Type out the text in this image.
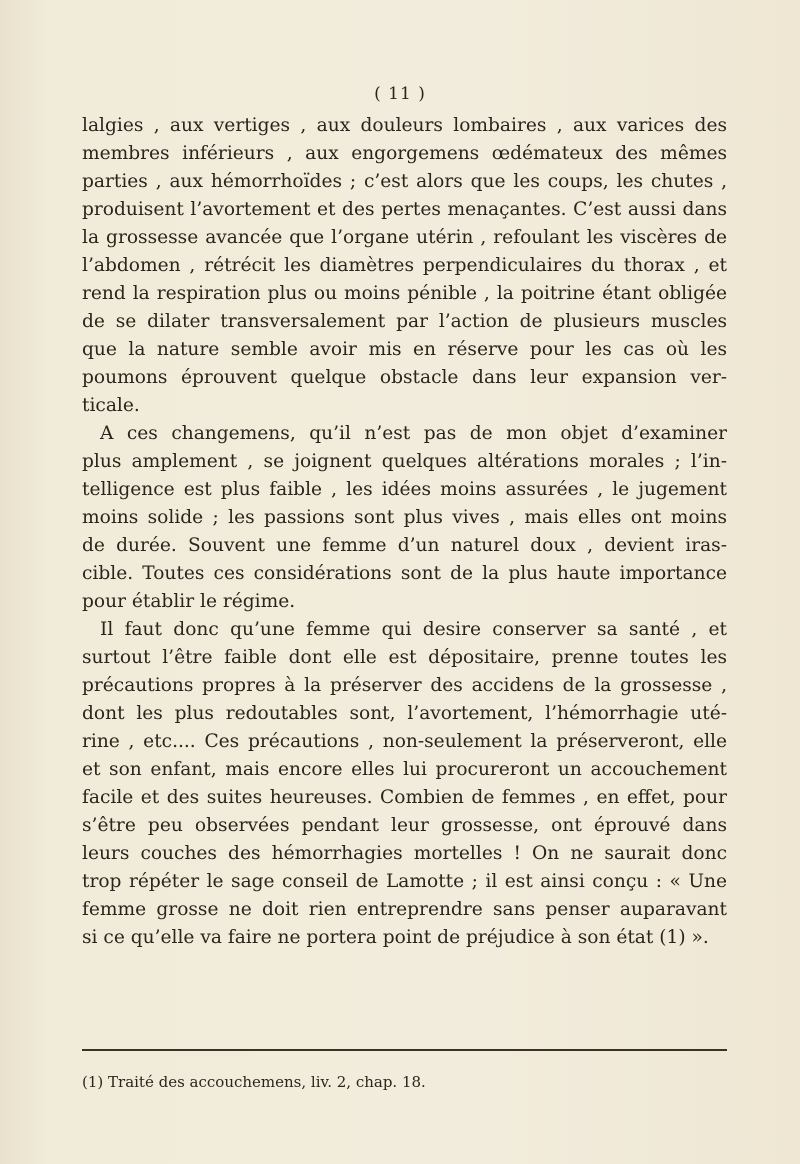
( 11 )
lalgies , aux vertiges , aux douleurs lombaires , aux varices des
membres inférieurs , aux engorgemens œdémateux des mêmes
parties , aux hémorrhoïdes ; c’est alors que les coups, les chutes ,
produisent l’avortement et des pertes menaçantes. C’est aussi dans
la grossesse avancée que l’organe utérin , refoulant les viscères de
l’abdomen , rétrécit les diamètres perpendiculaires du thorax , et
rend la respiration plus ou moins pénible , la poitrine étant obligée
de se dilater transversalement par l’action de plusieurs muscles
que la nature semble avoir mis en réserve pour les cas où les
poumons éprouvent quelque obstacle dans leur expansion ver-
ticale.
A ces changemens, qu’il n’est pas de mon objet d’examiner
plus amplement , se joignent quelques altérations morales ; l’in-
telligence est plus faible , les idées moins assurées , le jugement
moins solide ; les passions sont plus vives , mais elles ont moins
de durée. Souvent une femme d’un naturel doux , devient iras-
cible. Toutes ces considérations sont de la plus haute importance
pour établir le régime.
Il faut donc qu’une femme qui desire conserver sa santé , et
surtout l’être faible dont elle est dépositaire, prenne toutes les
précautions propres à la préserver des accidens de la grossesse ,
dont les plus redoutables sont, l’avortement, l’hémorrhagie uté-
rine , etc.... Ces précautions , non-seulement la préserveront, elle
et son enfant, mais encore elles lui procureront un accouchement
facile et des suites heureuses. Combien de femmes , en effet, pour
s’être peu observées pendant leur grossesse, ont éprouvé dans
leurs couches des hémorrhagies mortelles ! On ne saurait donc
trop répéter le sage conseil de Lamotte ; il est ainsi conçu : « Une
femme grosse ne doit rien entreprendre sans penser auparavant
si ce qu’elle va faire ne portera point de préjudice à son état (1) ».
(1) Traité des accouchemens, liv. 2, chap. 18.
